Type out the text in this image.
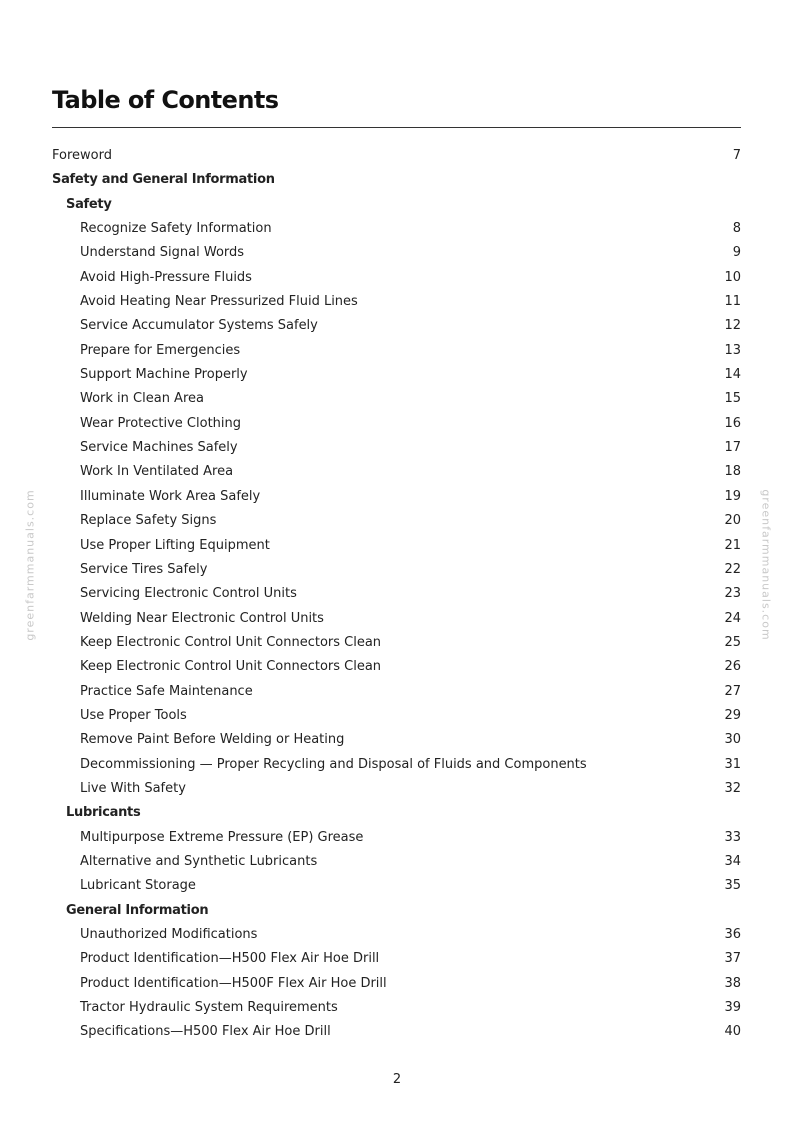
Table of Contents
Foreword	7
Safety and General Information
Safety
Recognize Safety Information	8
Understand Signal Words	9
Avoid High-Pressure Fluids	10
Avoid Heating Near Pressurized Fluid Lines	11
Service Accumulator Systems Safely	12
Prepare for Emergencies	13
Support Machine Properly	14
Work in Clean Area	15
Wear Protective Clothing	16
Service Machines Safely	17
Work In Ventilated Area	18
Illuminate Work Area Safely	19
Replace Safety Signs	20
Use Proper Lifting Equipment	21
Service Tires Safely	22
Servicing Electronic Control Units	23
Welding Near Electronic Control Units	24
Keep Electronic Control Unit Connectors Clean	25
Keep Electronic Control Unit Connectors Clean	26
Practice Safe Maintenance	27
Use Proper Tools	29
Remove Paint Before Welding or Heating	30
Decommissioning — Proper Recycling and Disposal of Fluids and Components	31
Live With Safety	32
Lubricants
Multipurpose Extreme Pressure (EP) Grease	33
Alternative and Synthetic Lubricants	34
Lubricant Storage	35
General Information
Unauthorized Modifications	36
Product Identification—H500 Flex Air Hoe Drill	37
Product Identification—H500F Flex Air Hoe Drill	38
Tractor Hydraulic System Requirements	39
Specifications—H500 Flex Air Hoe Drill	40
greenfarmmanuals.com	greenfarmmanuals.com
2
